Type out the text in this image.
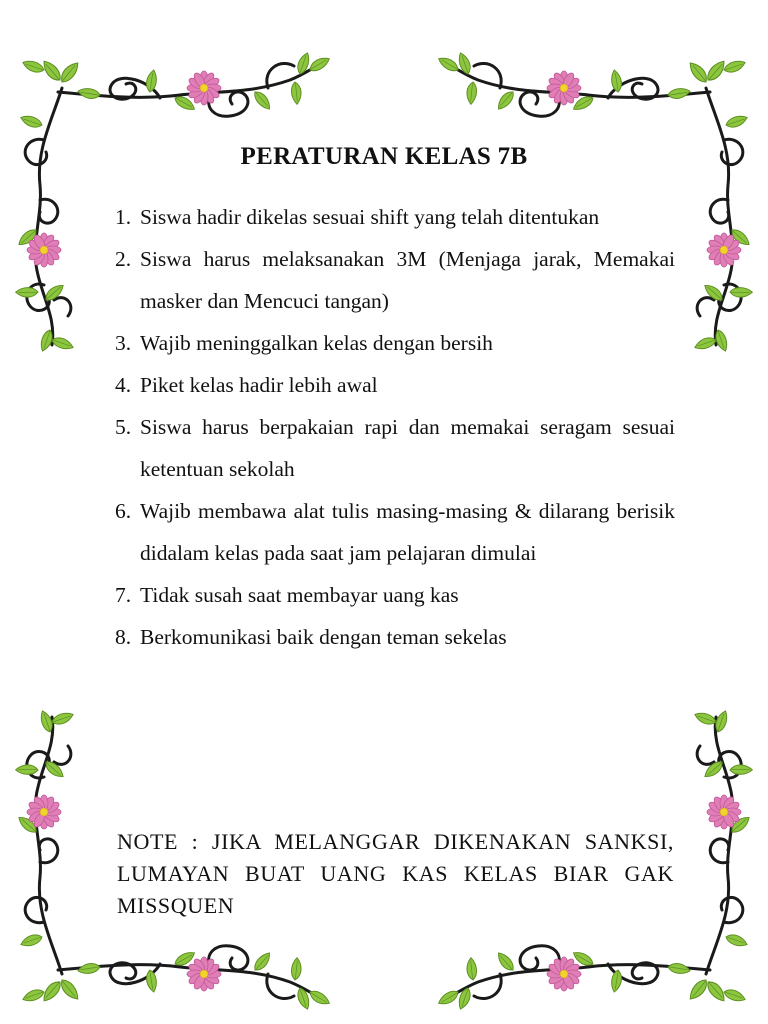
PERATURAN KELAS 7B
1. Siswa hadir dikelas sesuai shift yang telah ditentukan
2. Siswa harus melaksanakan 3M (Menjaga jarak, Memakai masker dan Mencuci tangan)
3. Wajib meninggalkan kelas dengan bersih
4. Piket kelas hadir lebih awal
5. Siswa harus berpakaian rapi dan memakai seragam sesuai ketentuan sekolah
6. Wajib membawa alat tulis masing-masing & dilarang berisik didalam kelas pada saat jam pelajaran dimulai
7. Tidak susah saat membayar uang kas
8. Berkomunikasi baik dengan teman sekelas
NOTE : JIKA MELANGGAR DIKENAKAN SANKSI, LUMAYAN BUAT UANG KAS KELAS BIAR GAK MISSQUEN
